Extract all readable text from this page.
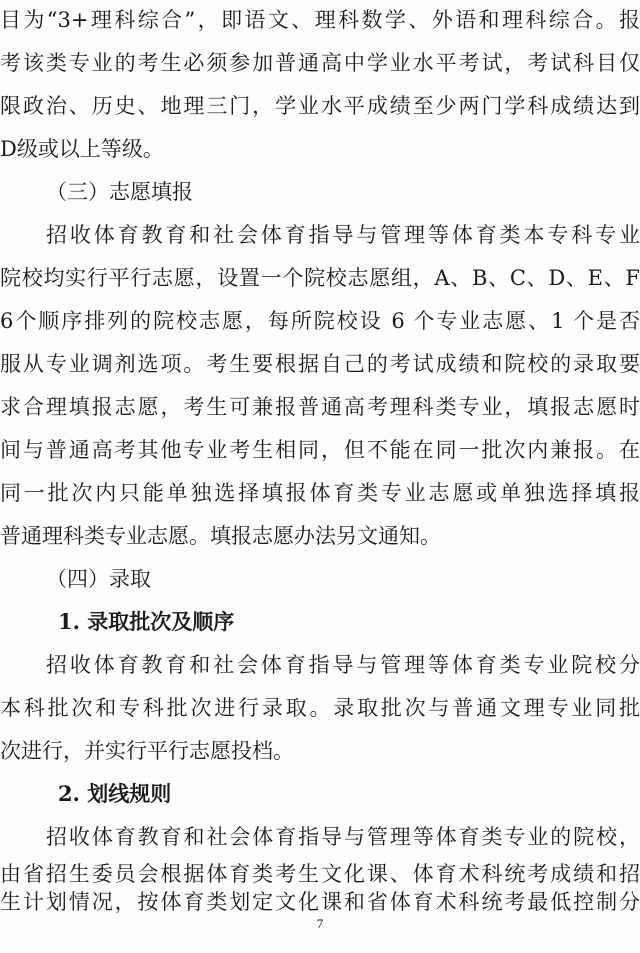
目为“3+理科综合”，即语文、理科数学、外语和理科综合。报
考该类专业的考生必须参加普通高中学业水平考试，考试科目仅
限政治、历史、地理三门，学业水平成绩至少两门学科成绩达到
D级或以上等级。
（三）志愿填报
招收体育教育和社会体育指导与管理等体育类本专科专业
院校均实行平行志愿，设置一个院校志愿组，A、B、C、D、E、F
6个顺序排列的院校志愿，每所院校设 6 个专业志愿、1 个是否
服从专业调剂选项。考生要根据自己的考试成绩和院校的录取要
求合理填报志愿，考生可兼报普通高考理科类专业，填报志愿时
间与普通高考其他专业考生相同，但不能在同一批次内兼报。在
同一批次内只能单独选择填报体育类专业志愿或单独选择填报
普通理科类专业志愿。填报志愿办法另文通知。
（四）录取
1. 录取批次及顺序
招收体育教育和社会体育指导与管理等体育类专业院校分
本科批次和专科批次进行录取。录取批次与普通文理专业同批
次进行，并实行平行志愿投档。
2. 划线规则
招收体育教育和社会体育指导与管理等体育类专业的院校，
由省招生委员会根据体育类考生文化课、体育术科统考成绩和招
生计划情况，按体育类划定文化课和省体育术科统考最低控制分
7
